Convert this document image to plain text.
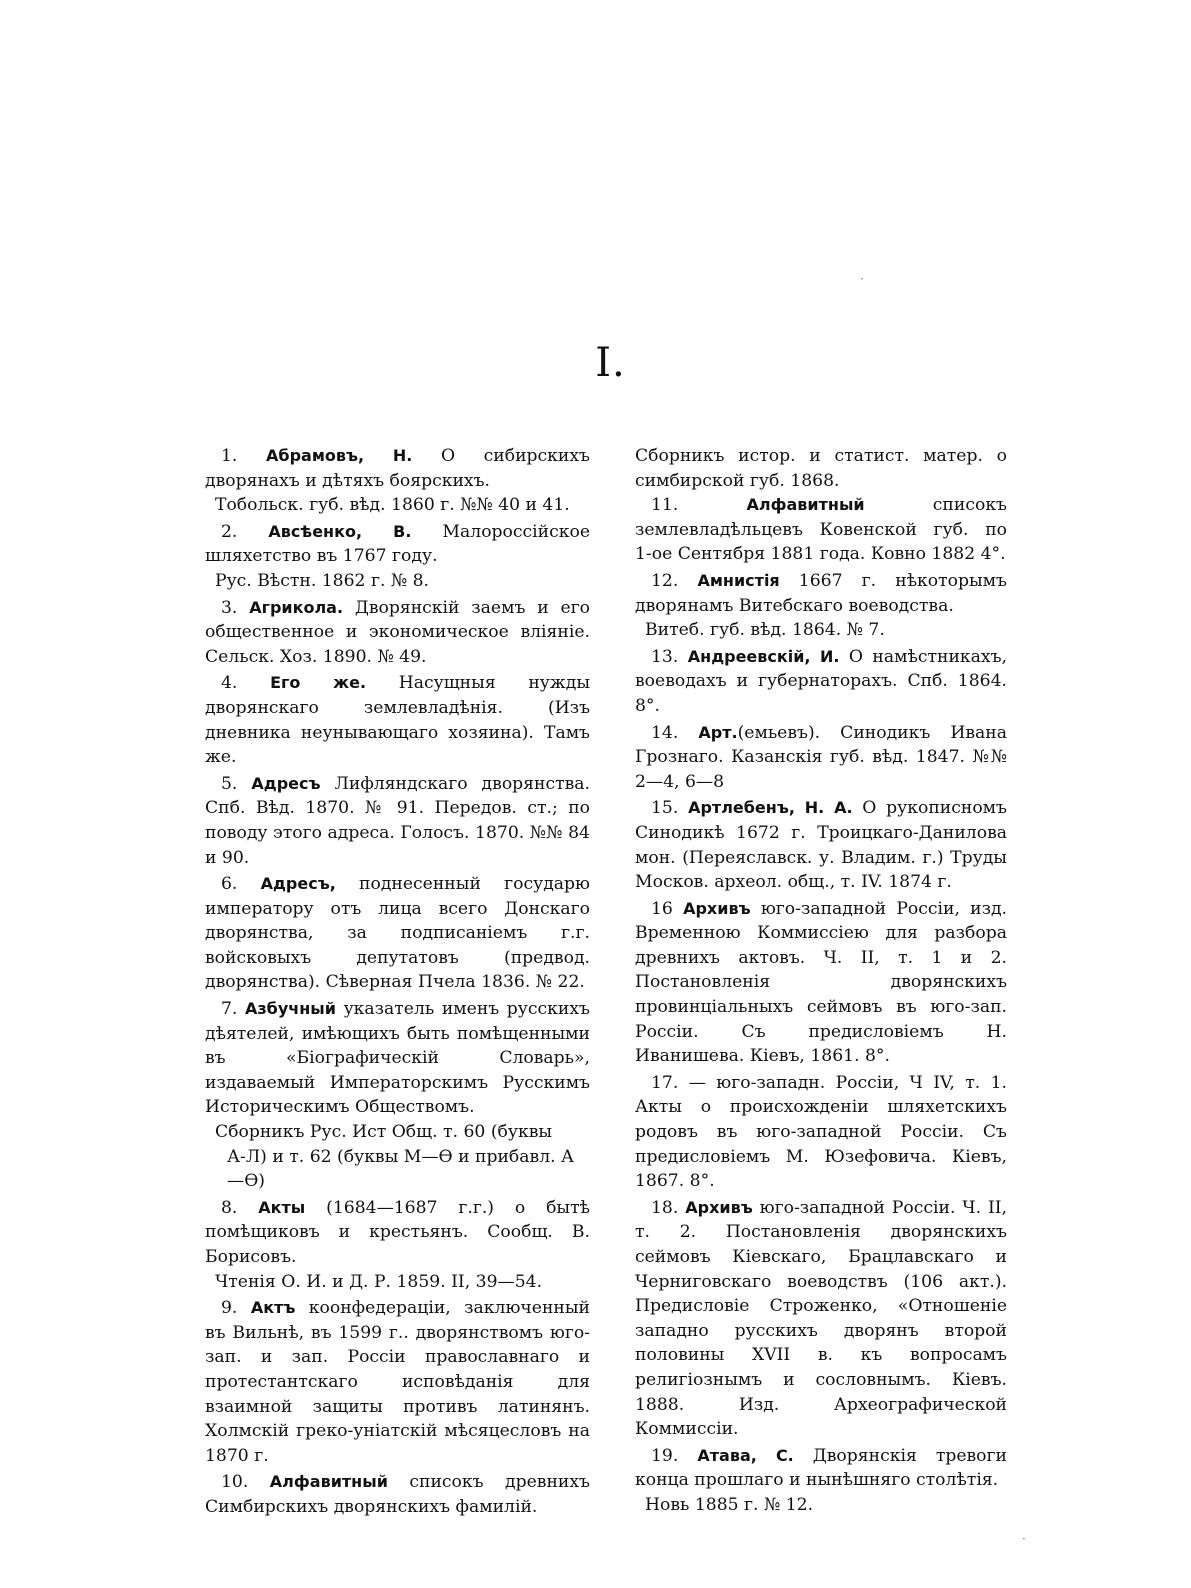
I.

1. Абрамовъ, Н. О сибирскихъ дворянахъ и дѣтяхъ боярскихъ.

Тобольск. губ. вѣд. 1860 г. №№ 40 и 41.

2. Авсѣенко, В. Малороссійское шляхетство въ 1767 году.

Рус. Вѣстн. 1862 г. № 8.

3. Агрикола. Дворянскій заемъ и его общественное и экономическое вліяніе. Сельск. Хоз. 1890. № 49.

4. Его же. Насущныя нужды дворянскаго землевладѣнія. (Изъ дневника неунывающаго хозяина). Тамъ же.

5. Адресъ Лифляндскаго дворянства. Спб. Вѣд. 1870. № 91. Передов. ст.; по поводу этого адреса. Голосъ. 1870. №№ 84 и 90.

6. Адресъ, поднесенный государю императору отъ лица всего Донскаго дворянства, за подписаніемъ г.г. войсковыхъ депутатовъ (предвод. дворянства). Сѣверная Пчела 1836. № 22.

7. Азбучный указатель именъ русскихъ дѣятелей, имѣющихъ быть помѣщенными въ «Біографическій Словарь», издаваемый Императорскимъ Русскимъ Историческимъ Обществомъ.

Сборникъ Рус. Ист Общ. т. 60 (буквы А‑Л) и т. 62 (буквы М—Ѳ и прибавл. А—Ѳ)

8. Акты (1684—1687 г.г.) о бытѣ помѣщиковъ и крестьянъ. Сообщ. В. Борисовъ.

Чтенія О. И. и Д. Р. 1859. II, 39—54.

9. Актъ коонфедераціи, заключенный въ Вильнѣ, въ 1599 г.. дворянствомъ юго-зап. и зап. Россіи православнаго и протестантскаго исповѣданія для взаимной защиты противъ латинянъ. Холмскій греко-уніатскій мѣсяцесловъ на 1870 г.

10. Алфавитный списокъ древнихъ Симбирскихъ дворянскихъ фамилій.

Сборникъ истор. и статист. матер. о симбирской губ. 1868.

11. Алфавитный списокъ землевладѣльцевъ Ковенской губ. по 1‑ое Сентября 1881 года. Ковно 1882 4°.

12. Амнистія 1667 г. нѣкоторымъ дворянамъ Витебскаго воеводства.

Витеб. губ. вѣд. 1864. № 7.

13. Андреевскій, И. О намѣстникахъ, воеводахъ и губернаторахъ. Спб. 1864. 8°.

14. Арт.(емьевъ). Синодикъ Ивана Грознаго. Казанскія губ. вѣд. 1847. №№ 2—4, 6—8

15. Артлебенъ, Н. А. О рукописномъ Синодикѣ 1672 г. Троицкаго‑Данилова мон. (Переяславск. у. Владим. г.) Труды Москов. археол. общ., т. IV. 1874 г.

16 Архивъ юго‑западной Россіи, изд. Временною Коммиссiею для разбора древнихъ актовъ. Ч. II, т. 1 и 2. Постановленія дворянскихъ провинціальныхъ сеймовъ въ юго‑зап. Россіи. Съ предисловіемъ Н. Иванишева. Кіевъ, 1861. 8°.

17. — юго‑западн. Россіи, Ч IV, т. 1. Акты о происхожденіи шляхетскихъ родовъ въ юго‑западной Россіи. Съ предисловіемъ М. Юзефовича. Кіевъ, 1867. 8°.

18. Архивъ юго‑западной Россіи. Ч. II, т. 2. Постановленія дворянскихъ сеймовъ Кіевскаго, Брацлавскаго и Черниговскаго воеводствъ (106 акт.). Предисловіе Строженко, «Отношеніе западно русскихъ дворянъ второй половины XVII в. къ вопросамъ религіознымъ и сословнымъ. Кіевъ. 1888. Изд. Археографической Коммиссіи.

19. Атава, С. Дворянскія тревоги конца прошлаго и нынѣшняго столѣтія.

Новь 1885 г. № 12.

·
·
